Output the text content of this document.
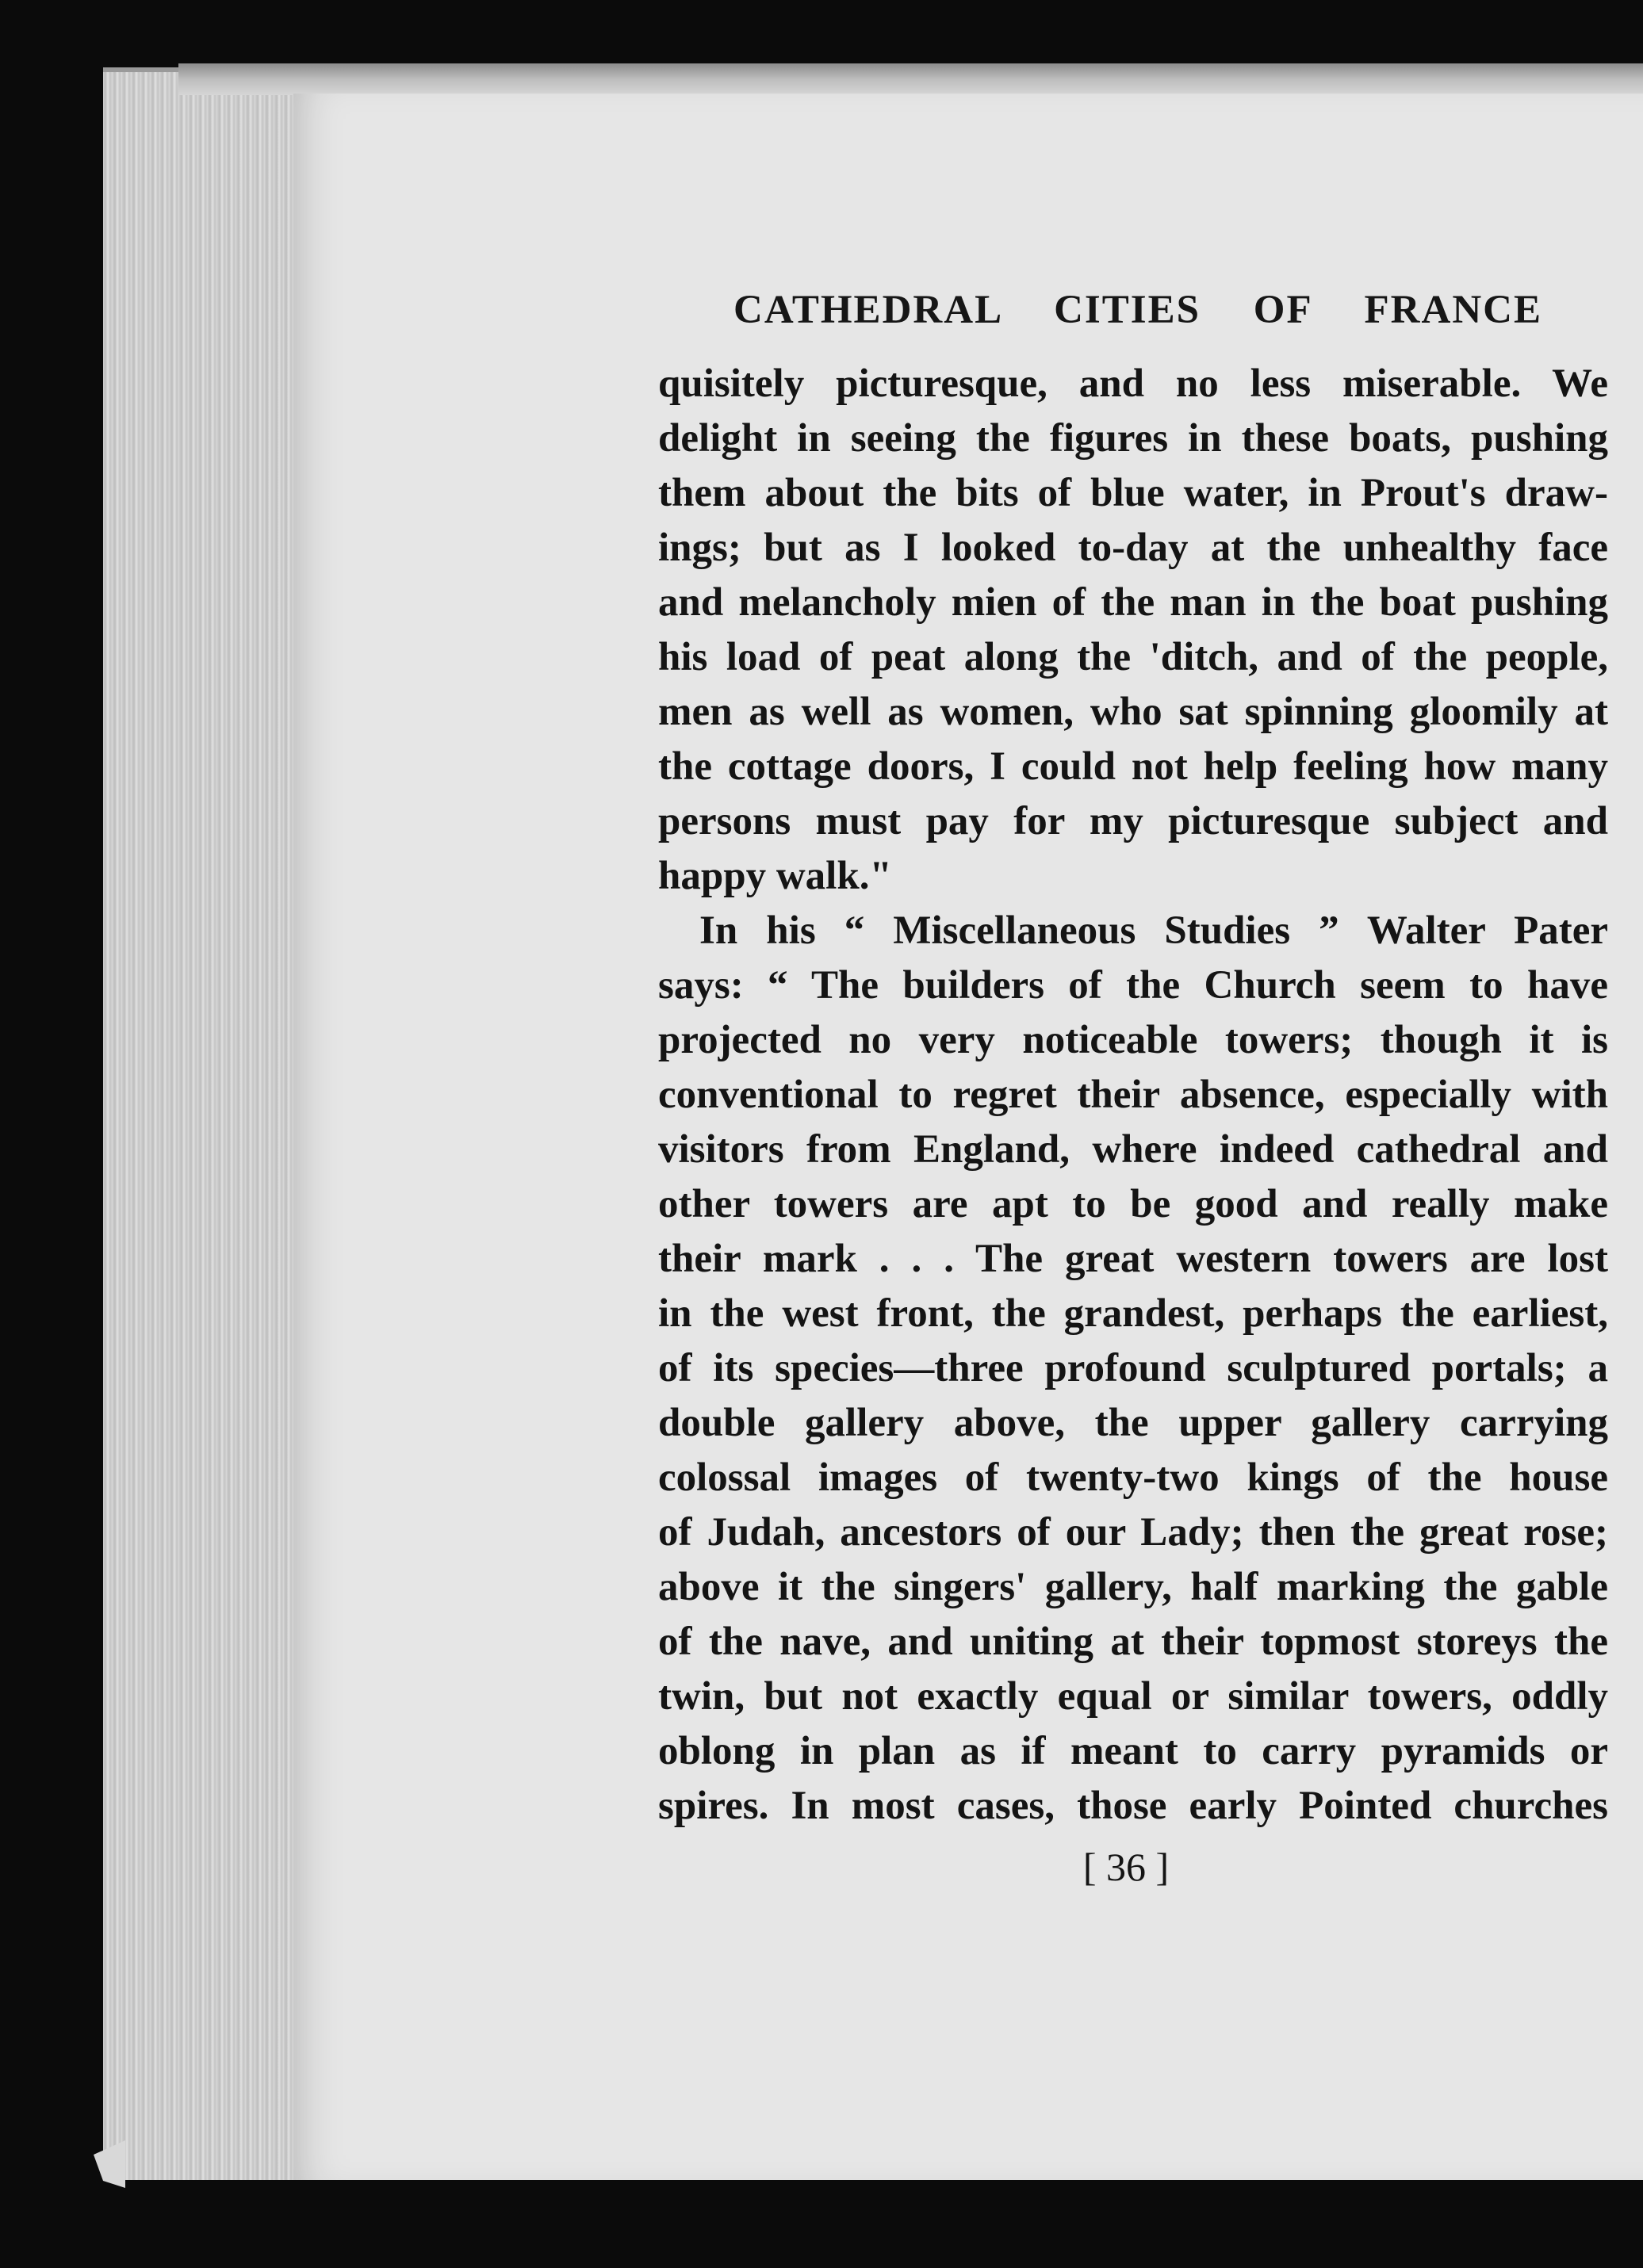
CATHEDRAL CITIES OF FRANCE
quisitely picturesque, and no less miserable. We
delight in seeing the figures in these boats, pushing
them about the bits of blue water, in Prout's draw-
ings; but as I looked to-day at the unhealthy face
and melancholy mien of the man in the boat pushing
his load of peat along the 'ditch, and of the people,
men as well as women, who sat spinning gloomily at
the cottage doors, I could not help feeling how many
persons must pay for my picturesque subject and
happy walk."
In his “ Miscellaneous Studies ” Walter Pater
says: “ The builders of the Church seem to have
projected no very noticeable towers; though it is
conventional to regret their absence, especially with
visitors from England, where indeed cathedral and
other towers are apt to be good and really make
their mark . . . The great western towers are lost
in the west front, the grandest, perhaps the earliest,
of its species—three profound sculptured portals; a
double gallery above, the upper gallery carrying
colossal images of twenty-two kings of the house
of Judah, ancestors of our Lady; then the great rose;
above it the singers' gallery, half marking the gable
of the nave, and uniting at their topmost storeys the
twin, but not exactly equal or similar towers, oddly
oblong in plan as if meant to carry pyramids or
spires. In most cases, those early Pointed churches
[ 36 ]
